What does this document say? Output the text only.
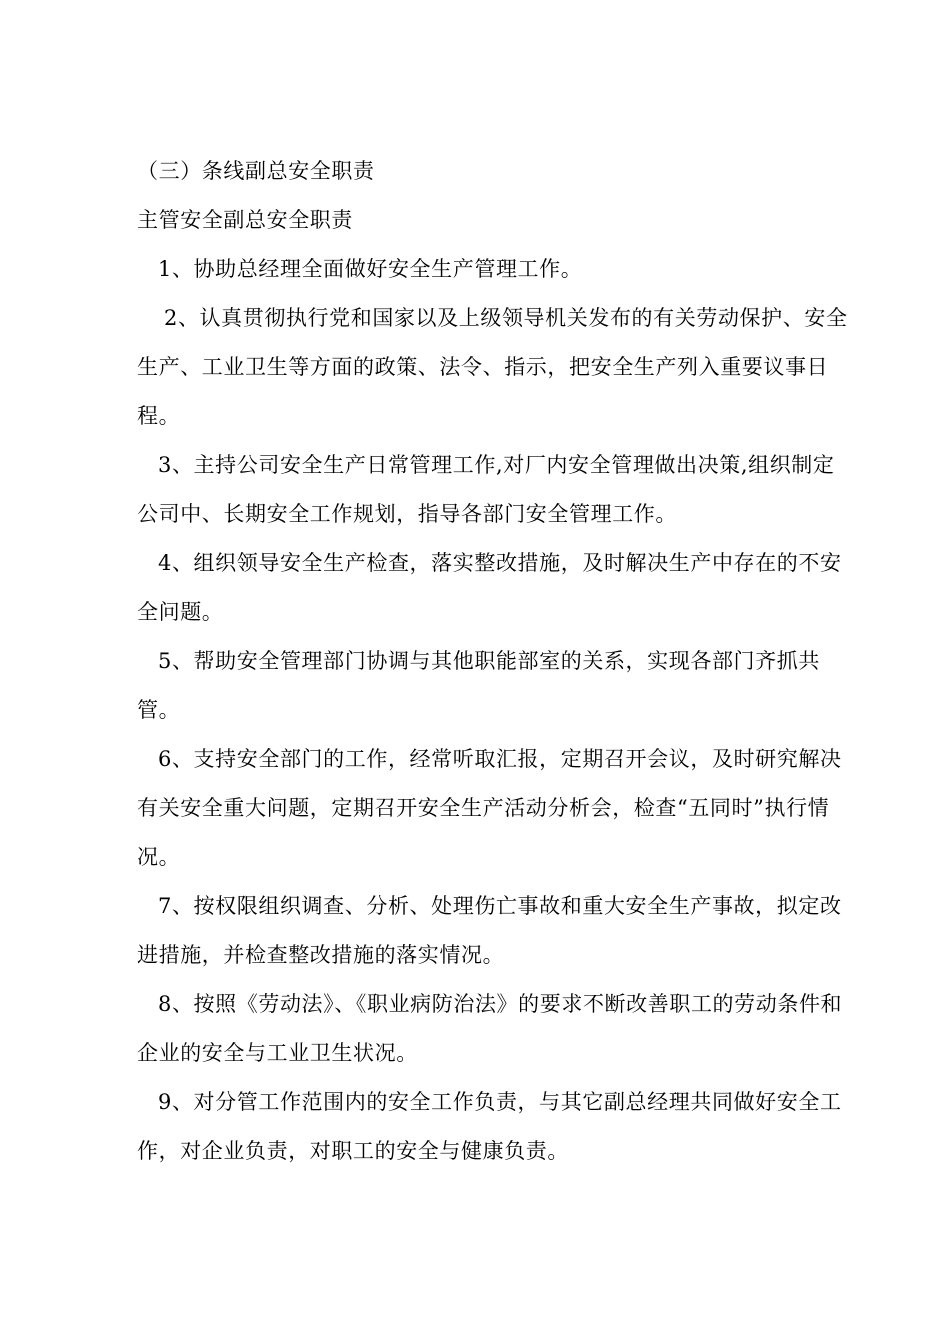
（三）条线副总安全职责

主管安全副总安全职责

1、协助总经理全面做好安全生产管理工作。

2、认真贯彻执行党和国家以及上级领导机关发布的有关劳动保护、安全生产、工业卫生等方面的政策、法令、指示，把安全生产列入重要议事日程。

3、主持公司安全生产日常管理工作,对厂内安全管理做出决策,组织制定公司中、长期安全工作规划，指导各部门安全管理工作。

4、组织领导安全生产检查，落实整改措施，及时解决生产中存在的不安全问题。

5、帮助安全管理部门协调与其他职能部室的关系，实现各部门齐抓共管。

6、支持安全部门的工作，经常听取汇报，定期召开会议，及时研究解决有关安全重大问题，定期召开安全生产活动分析会，检查“五同时”执行情况。

7、按权限组织调查、分析、处理伤亡事故和重大安全生产事故，拟定改进措施，并检查整改措施的落实情况。

8、按照《劳动法》、《职业病防治法》的要求不断改善职工的劳动条件和企业的安全与工业卫生状况。

9、对分管工作范围内的安全工作负责，与其它副总经理共同做好安全工作，对企业负责，对职工的安全与健康负责。
